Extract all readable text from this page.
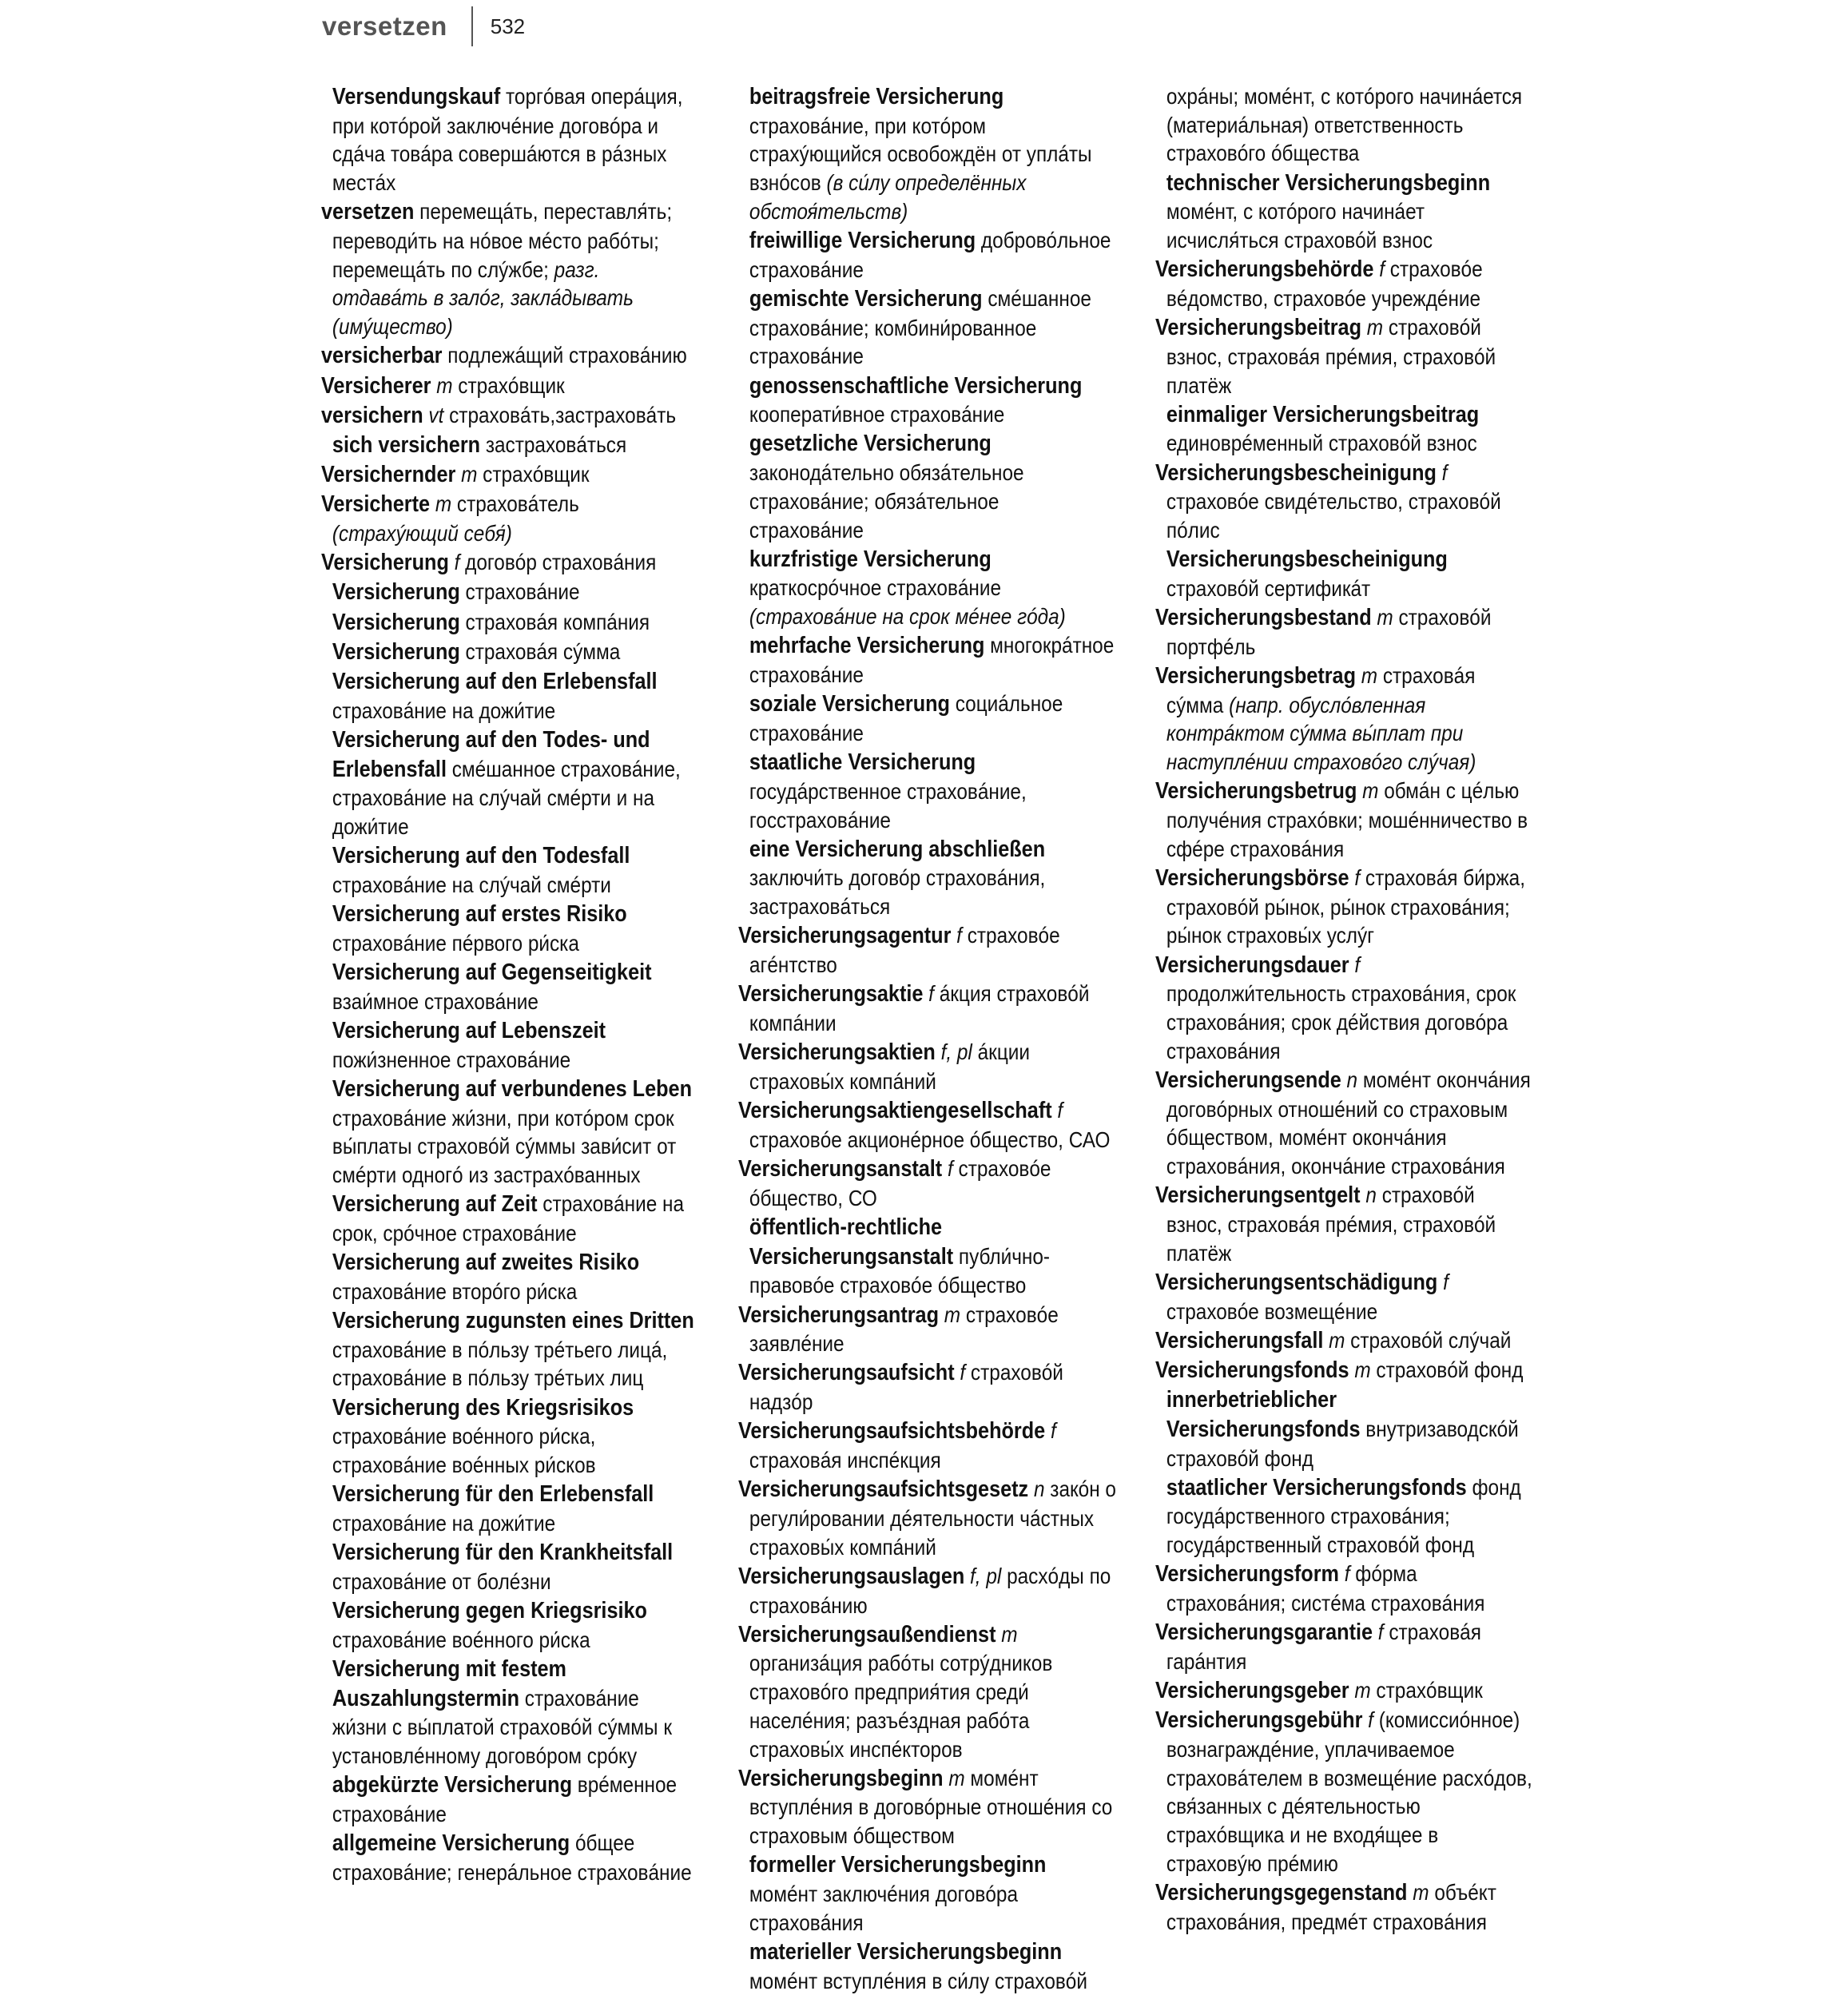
versetzen 532

Versendungskauf торгóвая опера́ция, при котóрой заключéние договóра и сдáча товáра совершáются в рáзных местáх

versetzen перемещáть, переставля́ть; переводи́ть на нóвое мéсто рабóты; перемещáть по слýжбе; разг. отдавáть в залóг, заклáдывать (имýщество)

versicherbar подлежáщий страховáнию

Versicherer m страхóвщик

versichern vt страховáть,застраховáть

sich versichern застраховáться

Versichernder m страхóвщик

Versicherte m страховáтель (страхýющий себя́)

Versicherung f договóр страховáния

Versicherung страховáние

Versicherung страховáя компáния

Versicherung страховáя сýмма

Versicherung auf den Erlebensfall страховáние на дожи́тие

Versicherung auf den Todes- und Erlebensfall смéшанное страховáние, страховáние на слýчай смéрти и на дожи́тие

Versicherung auf den Todesfall страховáние на слýчай смéрти

Versicherung auf erstes Risiko страховáние пéрвого ри́ска

Versicherung auf Gegenseitigkeit взаи́мное страховáние

Versicherung auf Lebenszeit пожи́зненное страховáние

Versicherung auf verbundenes Leben страховáние жи́зни, при котóром срок вы́платы страховóй сýммы зави́сит от смéрти одногó из застрахóванных

Versicherung auf Zeit страховáние на срок, срóчное страховáние

Versicherung auf zweites Risiko страховáние вторóго ри́ска

Versicherung zugunsten eines Dritten страховáние в пóльзу трéтьего лицá, страховáние в пóльзу трéтьих лиц

Versicherung des Kriegsrisikos страховáние воéнного ри́ска, страховáние воéнных ри́сков

Versicherung für den Erlebensfall страховáние на дожи́тие

Versicherung für den Krankheitsfall страховáние от болéзни

Versicherung gegen Kriegsrisiko страховáние воéнного ри́ска

Versicherung mit festem Auszahlungstermin страховáние жи́зни с вы́платой страховóй сýммы к установлéнному договóром срóку

abgekürzte Versicherung врéменное страховáние

allgemeine Versicherung óбщее страховáние; генерáльное страховáние

beitragsfreie Versicherung страховáние, при котóром страхýющийся освобождён от уплáты взнóсов (в си́лу определённых обстоя́тельств)

freiwillige Versicherung доброво́льное страховáние

gemischte Versicherung смéшанное страховáние; комбини́рованное страховáние

genossenschaftliche Versicherung кооперати́вное страховáние

gesetzliche Versicherung законодáтельно обязáтельное страховáние; обязáтельное страховáние

kurzfristige Versicherung краткосрóчное страховáние (страховáние на срок мéнее гóда)

mehrfache Versicherung многокрáтное страховáние

soziale Versicherung социáльное страховáние

staatliche Versicherung госудáрственное страховáние, госстраховáние

eine Versicherung abschließen заключи́ть договóр страховáния, застраховáться

Versicherungsagentur f страховóе агéнтство

Versicherungsaktie f áкция страховóй компáнии

Versicherungsaktien f, pl áкции страховы́х компáний

Versicherungsaktiengesellschaft f страховóе акционéрное óбщество, САО

Versicherungsanstalt f страховóе óбщество, СО

öffentlich-rechtliche Versicherungsanstalt публи́чно-правовóе страховóе óбщество

Versicherungsantrag m страховóе заявлéние

Versicherungsaufsicht f страховóй надзóр

Versicherungsaufsichtsbehörde f страховáя инспéкция

Versicherungsaufsichtsgesetz n закóн о регули́ровании дéятельности чáстных страховы́х компáний

Versicherungsauslagen f, pl расхóды по страховáнию

Versicherungsaußendienst m организáция рабóты сотрýдников страховóго предприя́тия среди́ населéния; разъéздная рабóта страховы́х инспéкторов

Versicherungsbeginn m момéнт вступлéния в договóрные отношéния со страховым óбществом

formeller Versicherungsbeginn момéнт заключéния договóра страховáния

materieller Versicherungsbeginn момéнт вступлéния в си́лу страховóй

охрáны; момéнт, с котóрого начинáется (материáльная) ответственность страховóго óбщества

technischer Versicherungsbeginn момéнт, с котóрого начинáет исчисля́ться страховóй взнос

Versicherungsbehörde f страховóе вéдомство, страховóе учреждéние

Versicherungsbeitrag m страховóй взнос, страховáя прéмия, страховóй платёж

einmaliger Versicherungsbeitrag единоврéменный страховóй взнос

Versicherungsbescheinigung f страховóе свидéтельство, страховóй пóлис

Versicherungsbescheinigung страховóй сертификáт

Versicherungsbestand m страховóй портфéль

Versicherungsbetrag m страховáя сýмма (напр. обусло́вленная контрáктом сýмма вы́плат при наступлéнии страховóго слýчая)

Versicherungsbetrug m обмáн с цéлью получéния страхóвки; мошéнничество в сфéре страховáния

Versicherungsbörse f страховáя би́ржа, страховóй ры́нок, ры́нок страховáния; ры́нок страховы́х услýг

Versicherungsdauer f продолжи́тельность страховáния, срок страховáния; срок дéйствия договóра страховáния

Versicherungsende n момéнт окончáния договóрных отношéний со страховым óбществом, момéнт окончáния страховáния, окончáние страховáния

Versicherungsentgelt n страховóй взнос, страховáя прéмия, страховóй платёж

Versicherungsentschädigung f страховóе возмещéние

Versicherungsfall m страховóй слýчай

Versicherungsfonds m страховóй фонд

innerbetrieblicher Versicherungsfonds внутризаводскóй страховóй фонд

staatlicher Versicherungsfonds фонд госудáрственного страховáния; госудáрственный страховóй фонд

Versicherungsform f фóрма страховáния; систéма страховáния

Versicherungsgarantie f страховáя гарáнтия

Versicherungsgeber m страхóвщик

Versicherungsgebühr f (комиссиóнное) вознаграждéние, уплачиваемое страховáтелем в возмещéние расхóдов, свя́занных с дéятельностью страхóвщика и не входя́щее в страховýю прéмию

Versicherungsgegenstand m объéкт страховáния, предмéт страховáния
